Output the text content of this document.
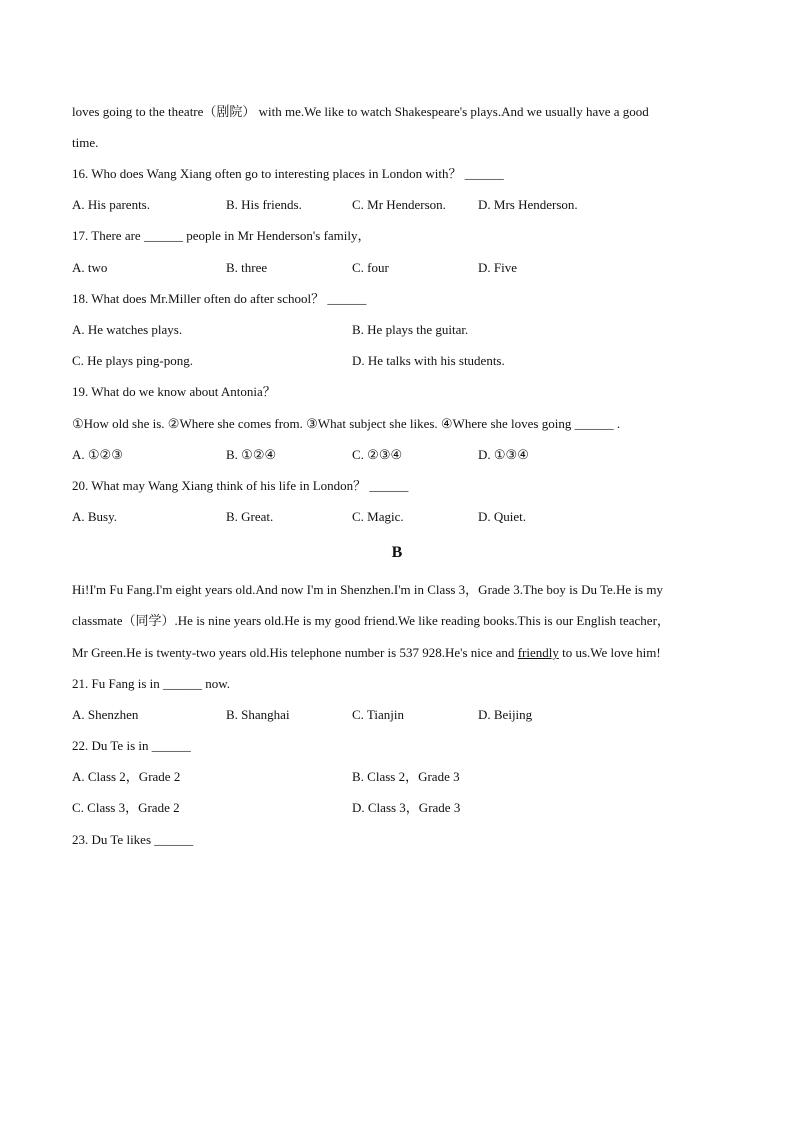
loves going to the theatre（剧院） with me.We like to watch Shakespeare's plays.And we usually have a good
time.
16. Who does Wang Xiang often go to interesting places in London with？ ______
A. His parents.	B. His friends.	C. Mr Henderson. D. Mrs Henderson.
17. There are ______ people in Mr Henderson's family，
A. two	B. three	C. four	D. Five
18. What does Mr.Miller often do after school？ ______
A. He watches plays.	B. He plays the guitar.
C. He plays ping-pong.	D. He talks with his students.
19. What do we know about Antonia？
①How old she is. ②Where she comes from. ③What subject she likes. ④Where she loves going ______ .
A. ①②③	B. ①②④	C. ②③④	D. ①③④
20. What may Wang Xiang think of his life in London？ ______
A. Busy.	B. Great.	C. Magic.	D. Quiet.
B
Hi!I'm Fu Fang.I'm eight years old.And now I'm in Shenzhen.I'm in Class 3，Grade 3.The boy is Du Te.He is my
classmate（同学）.He is nine years old.He is my good friend.We like reading books.This is our English teacher，
Mr Green.He is twenty-two years old.His telephone number is 537 928.He's nice and friendly to us.We love him!
21. Fu Fang is in ______ now.
A. Shenzhen	B. Shanghai	C. Tianjin	D. Beijing
22. Du Te is in ______
A. Class 2，Grade 2	B. Class 2，Grade 3
C. Class 3，Grade 2	D. Class 3，Grade 3
23. Du Te likes ______
